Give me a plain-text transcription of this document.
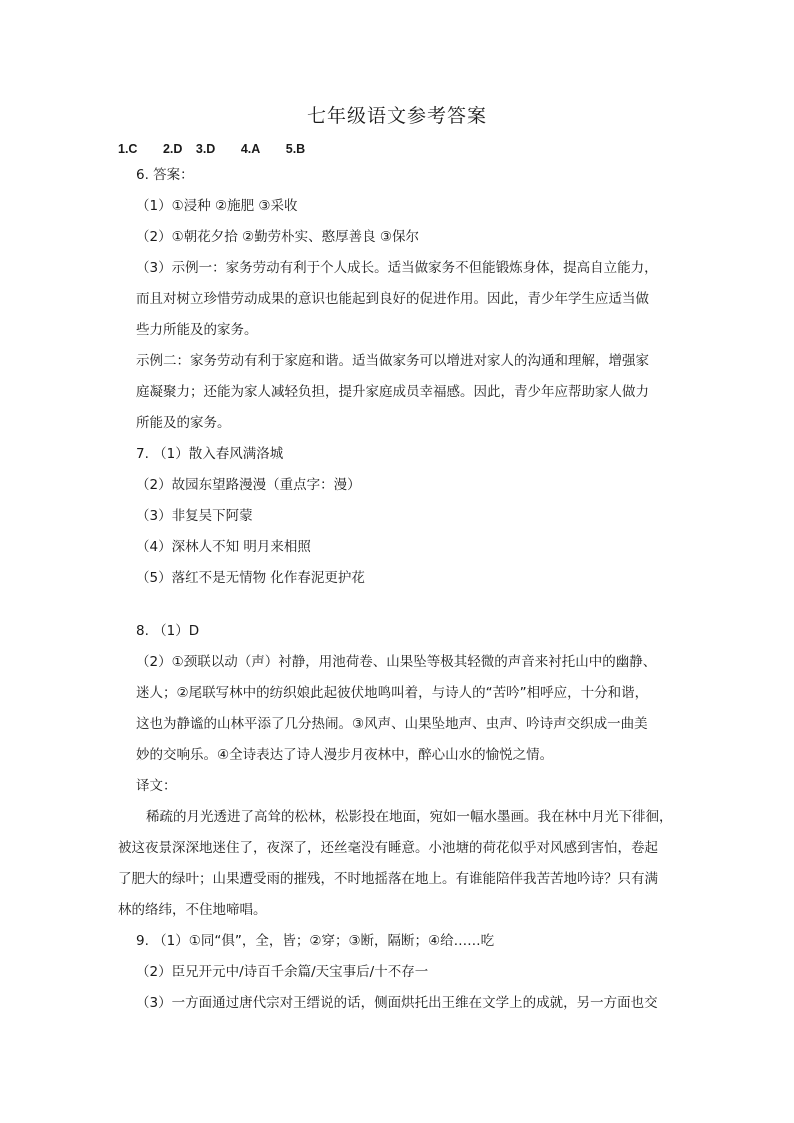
七年级语文参考答案
1.C 2.D 3.D 4.A 5.B
6. 答案：
（1）①浸种 ②施肥 ③采收
（2）①朝花夕拾 ②勤劳朴实、憨厚善良 ③保尔
（3）示例一：家务劳动有利于个人成长。适当做家务不但能锻炼身体，提高自立能力，
而且对树立珍惜劳动成果的意识也能起到良好的促进作用。因此，青少年学生应适当做
些力所能及的家务。
示例二：家务劳动有利于家庭和谐。适当做家务可以增进对家人的沟通和理解，增强家
庭凝聚力；还能为家人减轻负担，提升家庭成员幸福感。因此，青少年应帮助家人做力
所能及的家务。
7. （1）散入春风满洛城
（2）故园东望路漫漫（重点字：漫）
（3）非复吴下阿蒙
（4）深林人不知 明月来相照
（5）落红不是无情物 化作春泥更护花
8. （1）D
（2）①颈联以动（声）衬静，用池荷卷、山果坠等极其轻微的声音来衬托山中的幽静、
迷人；②尾联写林中的纺织娘此起彼伏地鸣叫着，与诗人的“苦吟”相呼应，十分和谐，
这也为静谧的山林平添了几分热闹。③风声、山果坠地声、虫声、吟诗声交织成一曲美
妙的交响乐。④全诗表达了诗人漫步月夜林中，醉心山水的愉悦之情。
译文：
稀疏的月光透进了高耸的松林，松影投在地面，宛如一幅水墨画。我在林中月光下徘徊，
被这夜景深深地迷住了，夜深了，还丝毫没有睡意。小池塘的荷花似乎对风感到害怕，卷起
了肥大的绿叶；山果遭受雨的摧残，不时地摇落在地上。有谁能陪伴我苦苦地吟诗？只有满
林的络纬，不住地啼唱。
9. （1）①同“俱”，全，皆；②穿；③断，隔断；④给……吃
（2）臣兄开元中/诗百千余篇/天宝事后/十不存一
（3）一方面通过唐代宗对王缙说的话，侧面烘托出王维在文学上的成就，另一方面也交
